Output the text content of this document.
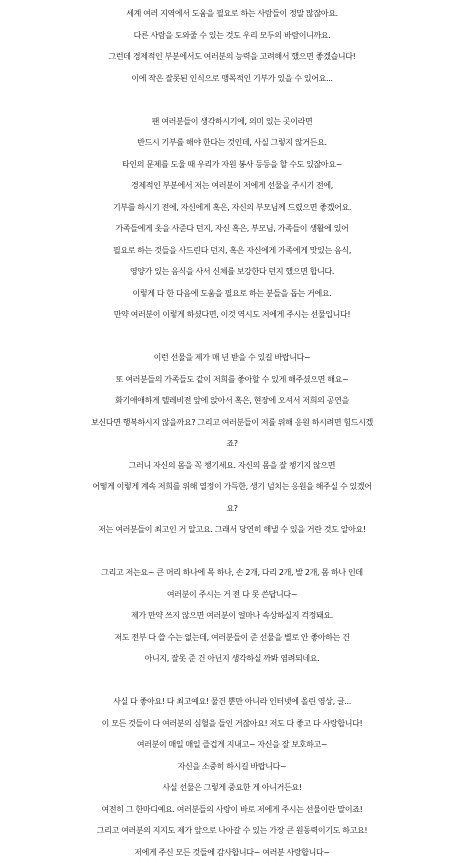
세계 여러 지역에서 도움을 필요로 하는 사람들이 정말 많잖아요.
다른 사람을 도와줄 수 있는 것도 우리 모두의 바람이니까요.
그런데 경제적인 부분에서도 여러분의 능력을 고려해서 했으면 좋겠습니다!
이에 작은 잘못된 인식으로 맹목적인 기부가 있을 수 있어요...
팬 여러분들이 생각하시기에, 의미 있는 곳이라면
반드시 기부를 해야 한다는 것인데, 사실 그렇지 않거든요.
타인의 문제를 도울 때 우리가 자원 봉사 등등을 할 수도 있잖아요~
경제적인 부분에서 저는 여러분이 저에게 선물을 주시기 전에,
기부를 하시기 전에, 자신에게 혹은, 자신의 부모님께 드렸으면 좋겠어요.
가족들에게 옷을 사준다 던지, 자신 혹은, 부모님, 가족들이 생활에 있어
필요로 하는 것들을 사드린다 던지, 혹은 자신에게 가족에게 맛있는 음식,
영양가 있는 음식을 사서 신체를 보강한다 던지 했으면 합니다.
이렇게 다 한 다음에 도움을 필요로 하는 분들을 돕는 거에요.
만약 여러분이 이렇게 하셨다면, 이것 역시도 저에게 주시는 선물입니다!
이런 선물을 제가 매 년 받을 수 있길 바랍니다~
또 여러분들의 가족들도 같이 저희를 좋아할 수 있게 해주셨으면 해요~
화기애애하게 텔레비전 앞에 앉아서 혹은, 현장에 오셔서 저희의 공연을
보신다면 행복하시지 않을까요? 그리고 여러분들이 저를 위해 응원 하시려면 힘드시겠
죠?
그러니 자신의 몸을 꼭 챙기세요. 자신의 몸을 잘 챙기지 않으면
어떻게 이렇게 계속 저희를 위해 열정이 가득한, 생기 넘치는 응원을 해주실 수 있겠어
요?
저는 여러분들이 최고인 거 알고요. 그래서 당연히 해낼 수 있을 거란 것도 알아요!
그리고 저는요~ 큰 머리 하나에 목 하나, 손 2개, 다리 2개, 발 2개, 몸 하나 인데
여러분이 주시는 거 전 다 못 쓴답니다~
제가 만약 쓰지 않으면 여러분이 얼마나 속상하실지 걱정돼요.
저도 전부 다 쓸 수는 없는데, 여러분들이 준 선물을 별로 안 좋아하는 건
아니지, 잘못 준 건 아닌지 생각하실 까봐 염려되네요.
사실 다 좋아요! 다 최고예요! 물건 뿐만 아니라 인터넷에 올린 영상, 글...
이 모든 것들이 다 여러분의 심혈을 들인 거잖아요! 저도 다 좋고 다 사랑합니다!
여러분이 매일 매일 즐겁게 지내고~ 자신을 잘 보호하고~
자신을 소중히 하시길 바랍니다~
사실 선물은 그렇게 중요한 게 아니거든요!
여전히 그 한마디예요. 여러분들의 사랑이 바로 저에게 주시는 선물이란 말이죠!
그리고 여러분의 지지도 제가 앞으로 나아갈 수 있는 가장 큰 원동력이기도 하고요!
저에게 주신 모든 것들에 감사합니다~ 여러분 사랑합니다~
